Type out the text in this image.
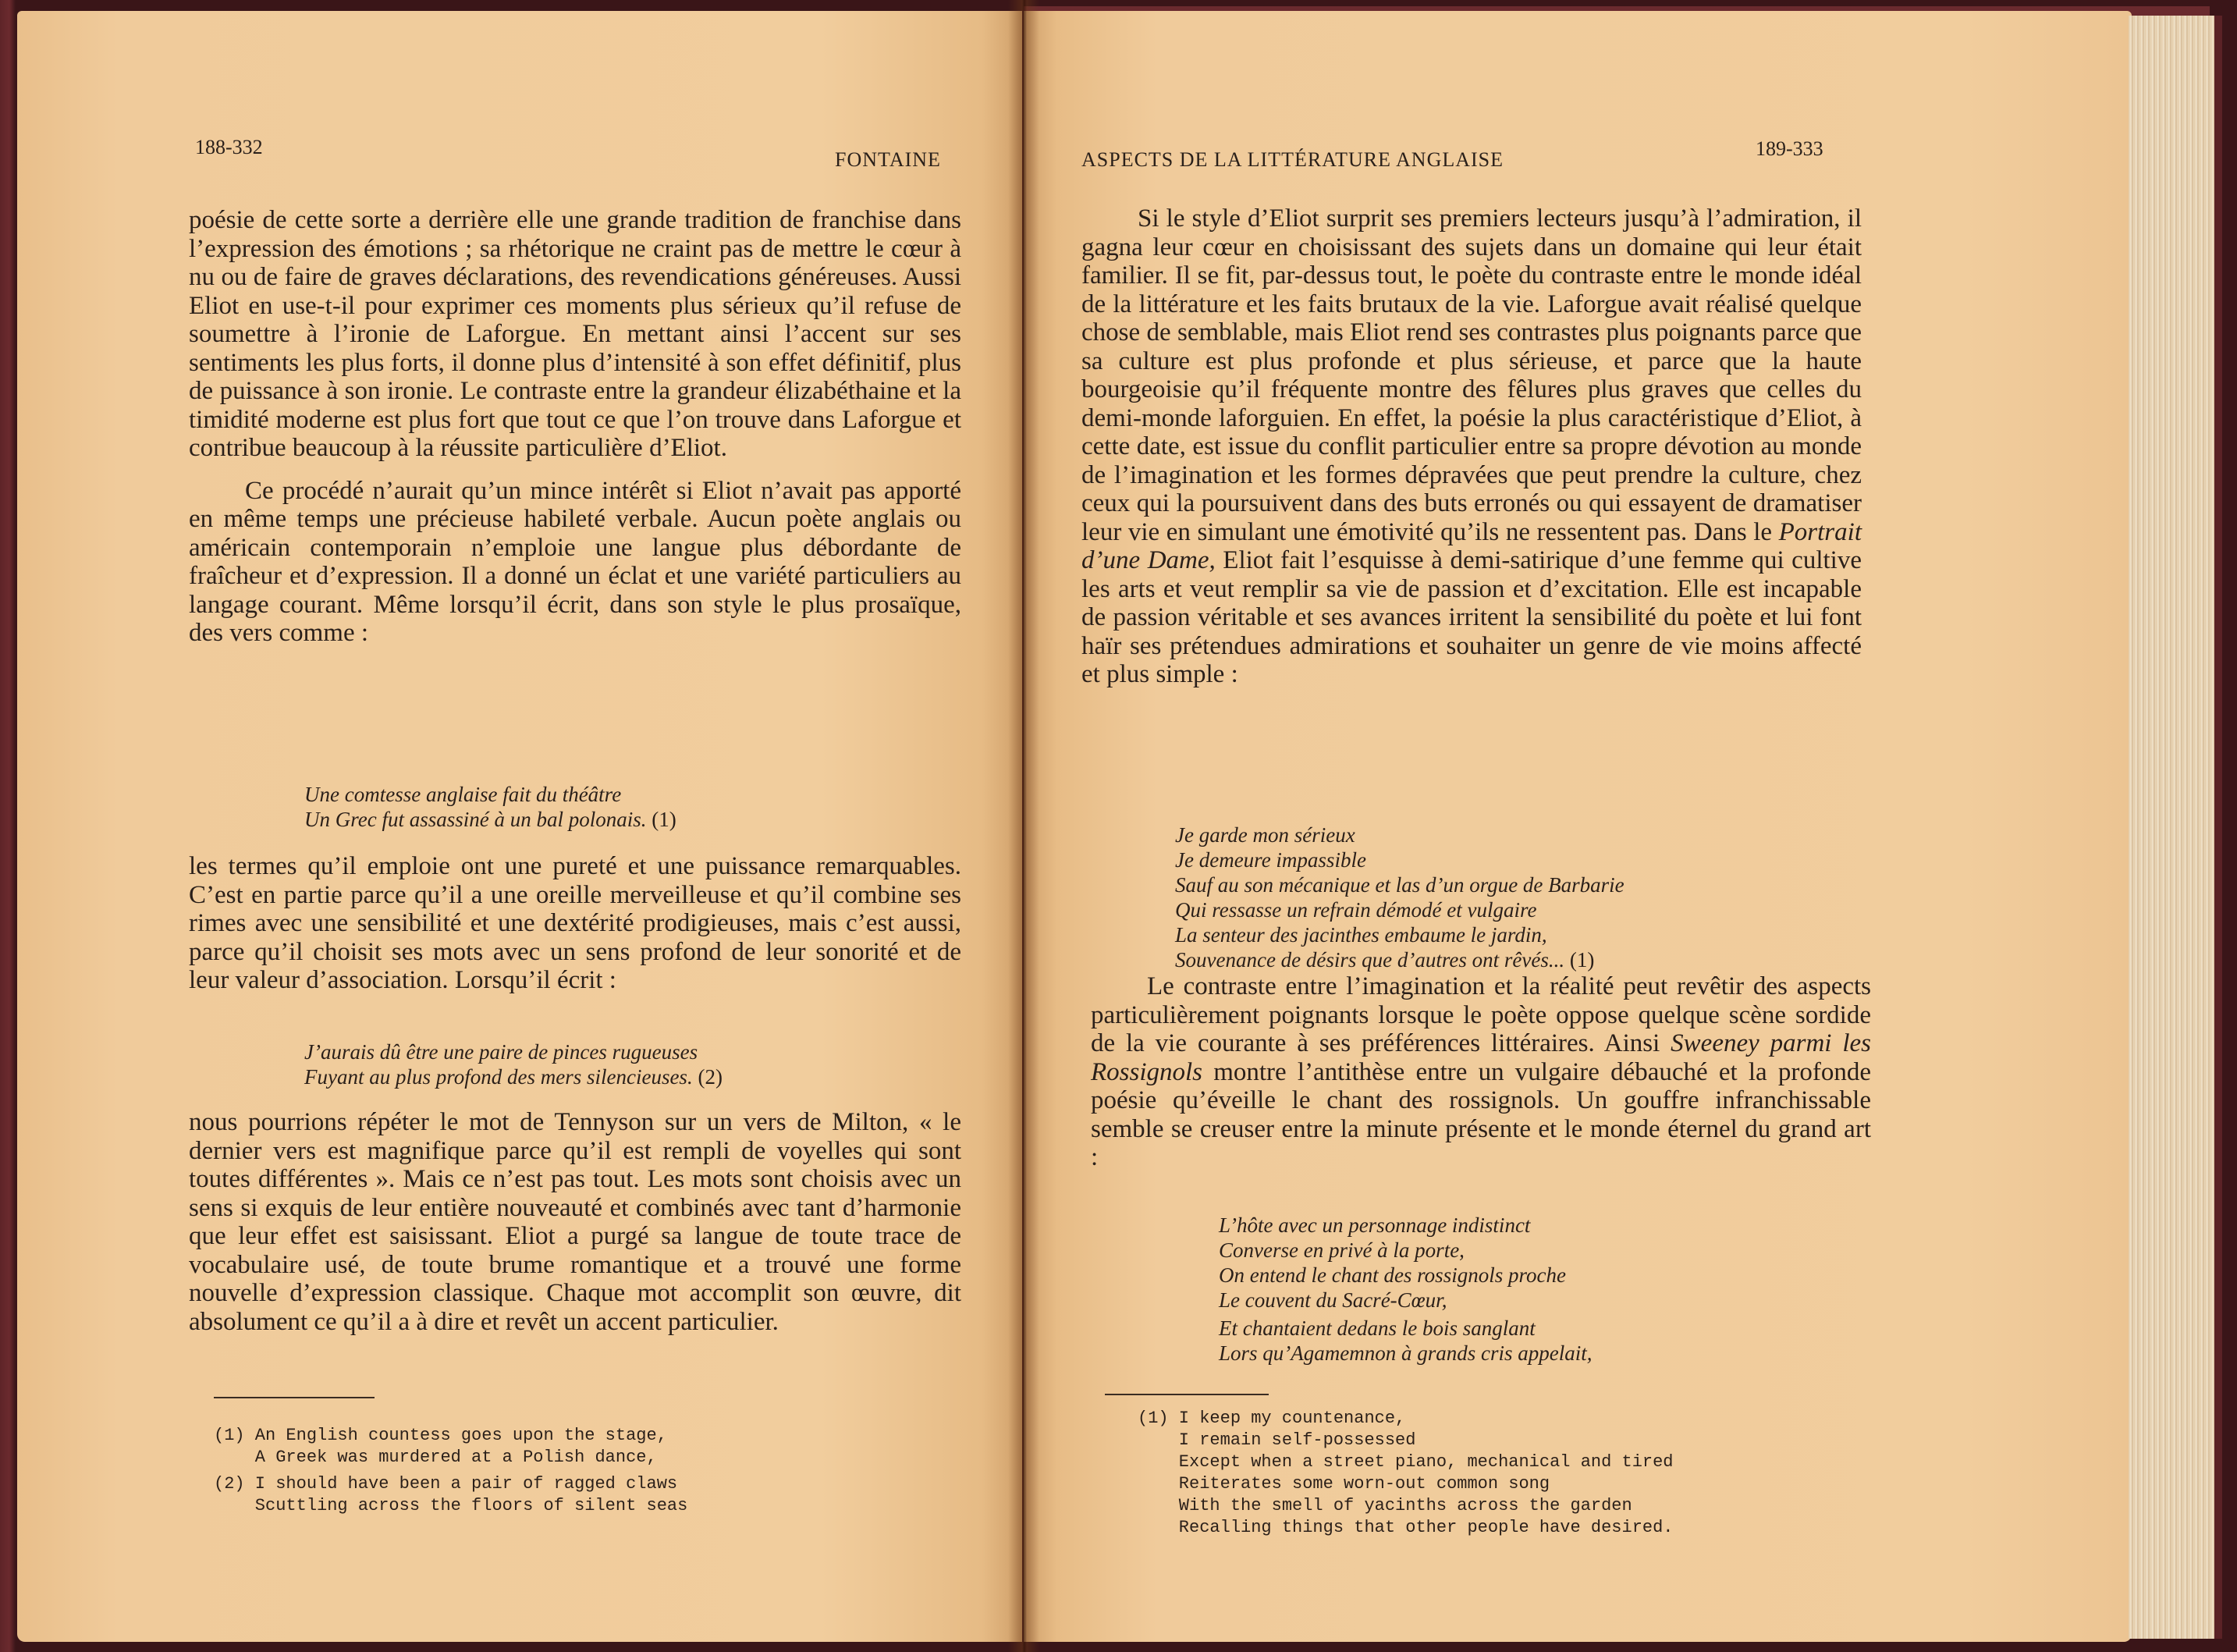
188-332
FONTAINE

poésie de cette sorte a derrière elle une grande tradition de franchise dans l’expression des émotions ; sa rhétorique ne craint pas de mettre le cœur à nu ou de faire de graves déclarations, des revendications généreuses. Aussi Eliot en use-t-il pour exprimer ces moments plus sérieux qu’il refuse de soumettre à l’ironie de Laforgue. En mettant ainsi l’accent sur ses sentiments les plus forts, il donne plus d’intensité à son effet définitif, plus de puissance à son ironie. Le contraste entre la grandeur élizabéthaine et la timidité moderne est plus fort que tout ce que l’on trouve dans Laforgue et contribue beaucoup à la réussite particulière d’Eliot.

Ce procédé n’aurait qu’un mince intérêt si Eliot n’avait pas apporté en même temps une précieuse habileté verbale. Aucun poète anglais ou américain contemporain n’emploie une langue plus débordante de fraîcheur et d’expression. Il a donné un éclat et une variété particuliers au langage courant. Même lorsqu’il écrit, dans son style le plus prosaïque, des vers comme :

Une comtesse anglaise fait du théâtre
Un Grec fut assassiné à un bal polonais. (1)

les termes qu’il emploie ont une pureté et une puissance remarquables. C’est en partie parce qu’il a une oreille merveilleuse et qu’il combine ses rimes avec une sensibilité et une dextérité prodigieuses, mais c’est aussi, parce qu’il choisit ses mots avec un sens profond de leur sonorité et de leur valeur d’association. Lorsqu’il écrit :

J’aurais dû être une paire de pinces rugueuses
Fuyant au plus profond des mers silencieuses. (2)

nous pourrions répéter le mot de Tennyson sur un vers de Milton, « le dernier vers est magnifique parce qu’il est rempli de voyelles qui sont toutes différentes ». Mais ce n’est pas tout. Les mots sont choisis avec un sens si exquis de leur entière nouveauté et combinés avec tant d’harmonie que leur effet est saisissant. Eliot a purgé sa langue de toute trace de vocabulaire usé, de toute brume romantique et a trouvé une forme nouvelle d’expression classique. Chaque mot accomplit son œuvre, dit absolument ce qu’il a à dire et revêt un accent particulier.

(1) An English countess goes upon the stage,
A Greek was murdered at a Polish dance,
(2) I should have been a pair of ragged claws
Scuttling across the floors of silent seas
ASPECTS DE LA LITTÉRATURE ANGLAISE	189-333

Si le style d’Eliot surprit ses premiers lecteurs jusqu’à l’admiration, il gagna leur cœur en choisissant des sujets dans un domaine qui leur était familier. Il se fit, par-dessus tout, le poète du contraste entre le monde idéal de la littérature et les faits brutaux de la vie. Laforgue avait réalisé quelque chose de semblable, mais Eliot rend ses contrastes plus poignants parce que sa culture est plus profonde et plus sérieuse, et parce que la haute bourgeoisie qu’il fréquente montre des fêlures plus graves que celles du demi-monde laforguien. En effet, la poésie la plus caractéristique d’Eliot, à cette date, est issue du conflit particulier entre sa propre dévotion au monde de l’imagination et les formes dépravées que peut prendre la culture, chez ceux qui la poursuivent dans des buts erronés ou qui essayent de dramatiser leur vie en simulant une émotivité qu’ils ne ressentent pas. Dans le Portrait d’une Dame, Eliot fait l’esquisse à demi-satirique d’une femme qui cultive les arts et veut remplir sa vie de passion et d’excitation. Elle est incapable de passion véritable et ses avances irritent la sensibilité du poète et lui font haïr ses prétendues admirations et souhaiter un genre de vie moins affecté et plus simple :

Je garde mon sérieux
Je demeure impassible
Sauf au son mécanique et las d’un orgue de Barbarie
Qui ressasse un refrain démodé et vulgaire
La senteur des jacinthes embaume le jardin,
Souvenance de désirs que d’autres ont rêvés... (1)

Le contraste entre l’imagination et la réalité peut revêtir des aspects particulièrement poignants lorsque le poète oppose quelque scène sordide de la vie courante à ses préférences littéraires. Ainsi Sweeney parmi les Rossignols montre l’antithèse entre un vulgaire débauché et la profonde poésie qu’éveille le chant des rossignols. Un gouffre infranchissable semble se creuser entre la minute présente et le monde éternel du grand art :

L’hôte avec un personnage indistinct
Converse en privé à la porte,
On entend le chant des rossignols proche
Le couvent du Sacré-Cœur,
Et chantaient dedans le bois sanglant
Lors qu’Agamemnon à grands cris appelait,
(1) I keep my countenance,
I remain self-possessed
Except when a street piano, mechanical and tired
Reiterates some worn-out common song
With the smell of yacinths across the garden
Recalling things that other people have desired.
